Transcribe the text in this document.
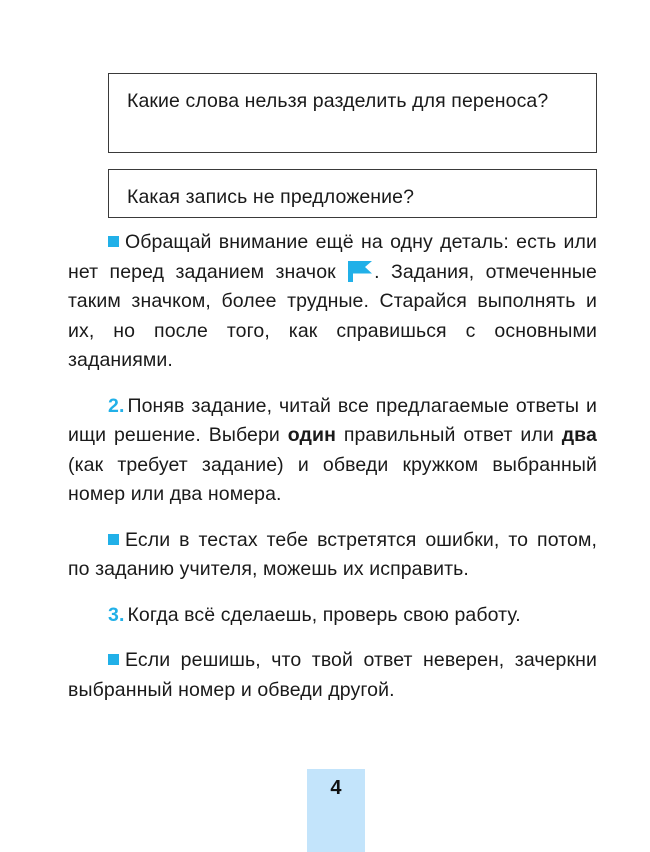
Какие слова нельзя разделить для переноса?

Какая запись не предложение?

Обращай внимание ещё на одну деталь: есть или нет перед заданием значок . Задания, отмеченные таким значком, более трудные. Старайся выполнять и их, но после того, как справишься с основными заданиями.

2. Поняв задание, читай все предлагаемые ответы и ищи решение. Выбери один правильный ответ или два (как требует задание) и обведи кружком выбранный номер или два номера.

Если в тестах тебе встретятся ошибки, то потом, по заданию учителя, можешь их исправить.

3. Когда всё сделаешь, проверь свою работу.

Если решишь, что твой ответ неверен, зачеркни выбранный номер и обведи другой.

4
